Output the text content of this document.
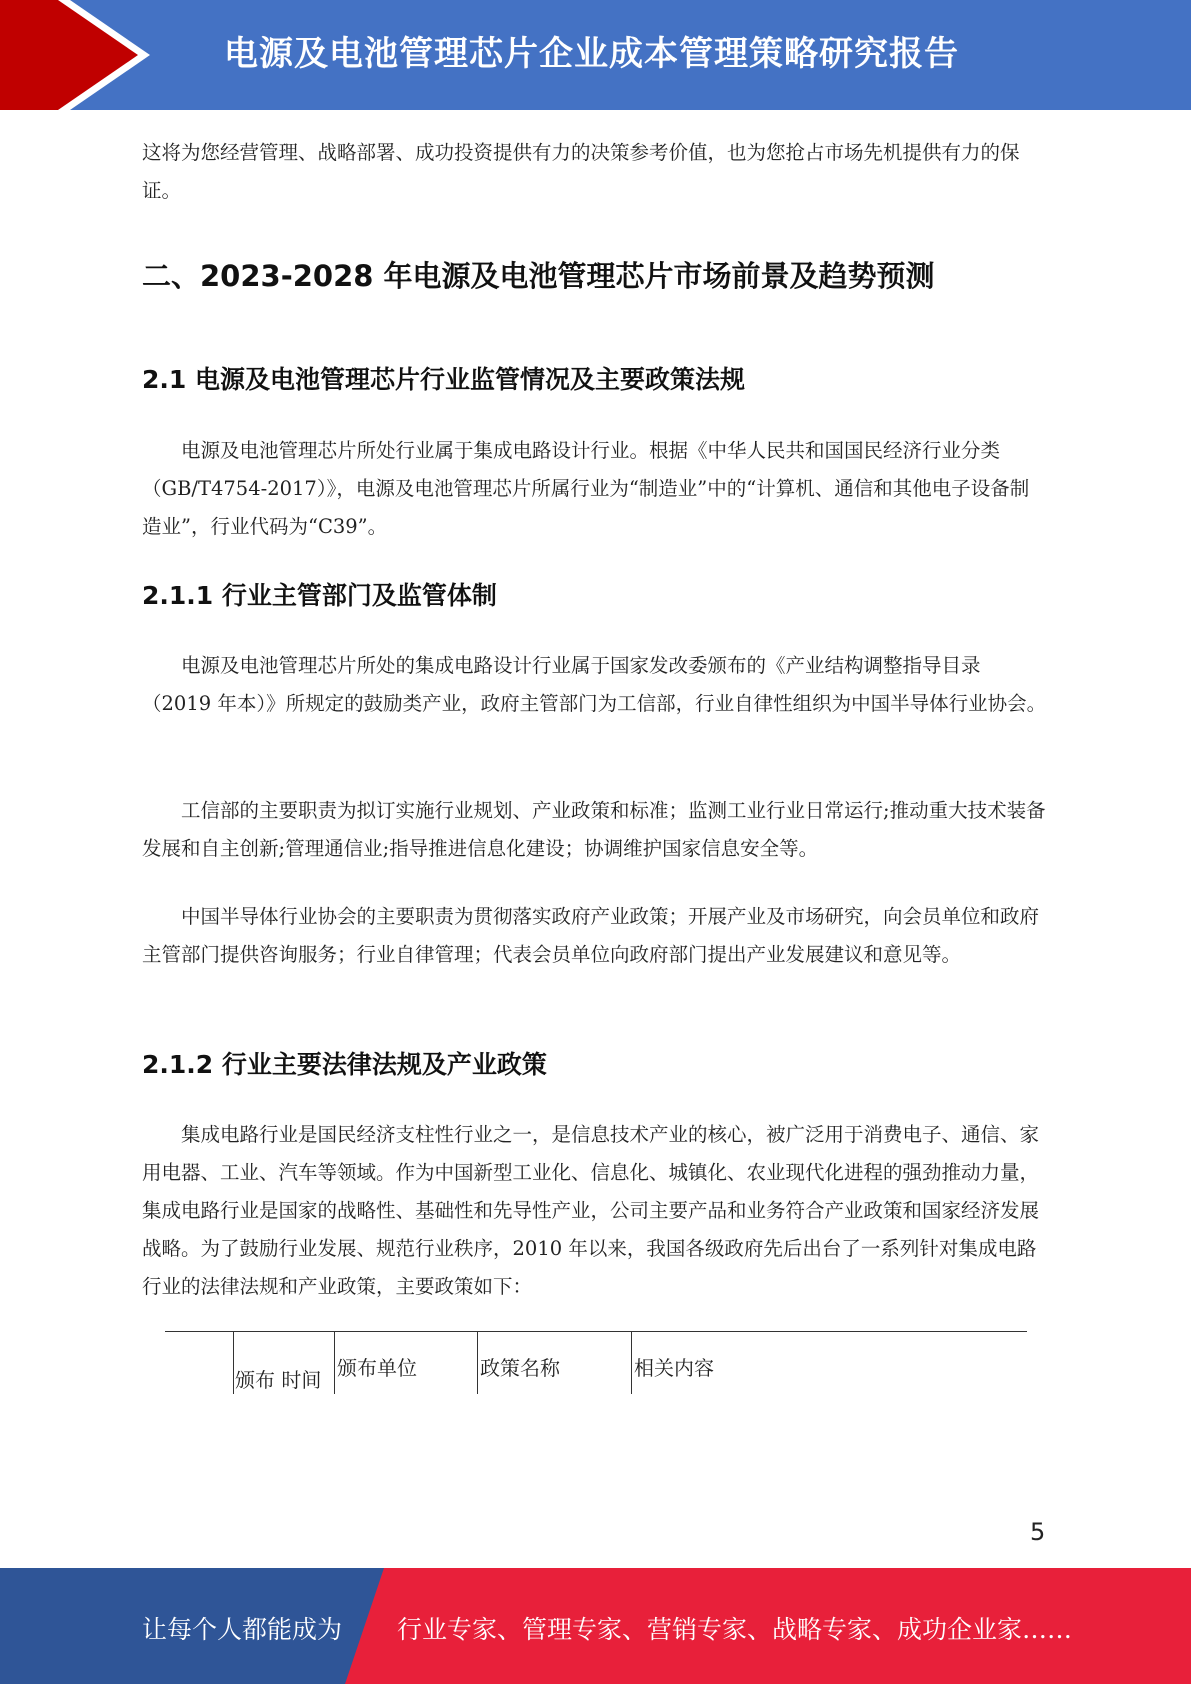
电源及电池管理芯片企业成本管理策略研究报告

这将为您经营管理、战略部署、成功投资提供有力的决策参考价值，也为您抢占市场先机提供有力的保证。

二、2023-2028 年电源及电池管理芯片市场前景及趋势预测
2.1 电源及电池管理芯片行业监管情况及主要政策法规

电源及电池管理芯片所处行业属于集成电路设计行业。根据《中华人民共和国国民经济行业分类（GB/T4754-2017）》，电源及电池管理芯片所属行业为“制造业”中的“计算机、通信和其他电子设备制造业”，行业代码为“C39”。

2.1.1 行业主管部门及监管体制

电源及电池管理芯片所处的集成电路设计行业属于国家发改委颁布的《产业结构调整指导目录（2019 年本）》所规定的鼓励类产业，政府主管部门为工信部，行业自律性组织为中国半导体行业协会。

工信部的主要职责为拟订实施行业规划、产业政策和标准；监测工业行业日常运行;推动重大技术装备发展和自主创新;管理通信业;指导推进信息化建设；协调维护国家信息安全等。

中国半导体行业协会的主要职责为贯彻落实政府产业政策；开展产业及市场研究，向会员单位和政府主管部门提供咨询服务；行业自律管理；代表会员单位向政府部门提出产业发展建议和意见等。

2.1.2 行业主要法律法规及产业政策

集成电路行业是国民经济支柱性行业之一，是信息技术产业的核心，被广泛用于消费电子、通信、家用电器、工业、汽车等领域。作为中国新型工业化、信息化、城镇化、农业现代化进程的强劲推动力量，集成电路行业是国家的战略性、基础性和先导性产业，公司主要产品和业务符合产业政策和国家经济发展战略。为了鼓励行业发展、规范行业秩序，2010 年以来，我国各级政府先后出台了一系列针对集成电路行业的法律法规和产业政策，主要政策如下：

颁布 时间 颁布单位	政策名称	相关内容
5
让每个人都能成为 行业专家、管理专家、营销专家、战略专家、成功企业家……
